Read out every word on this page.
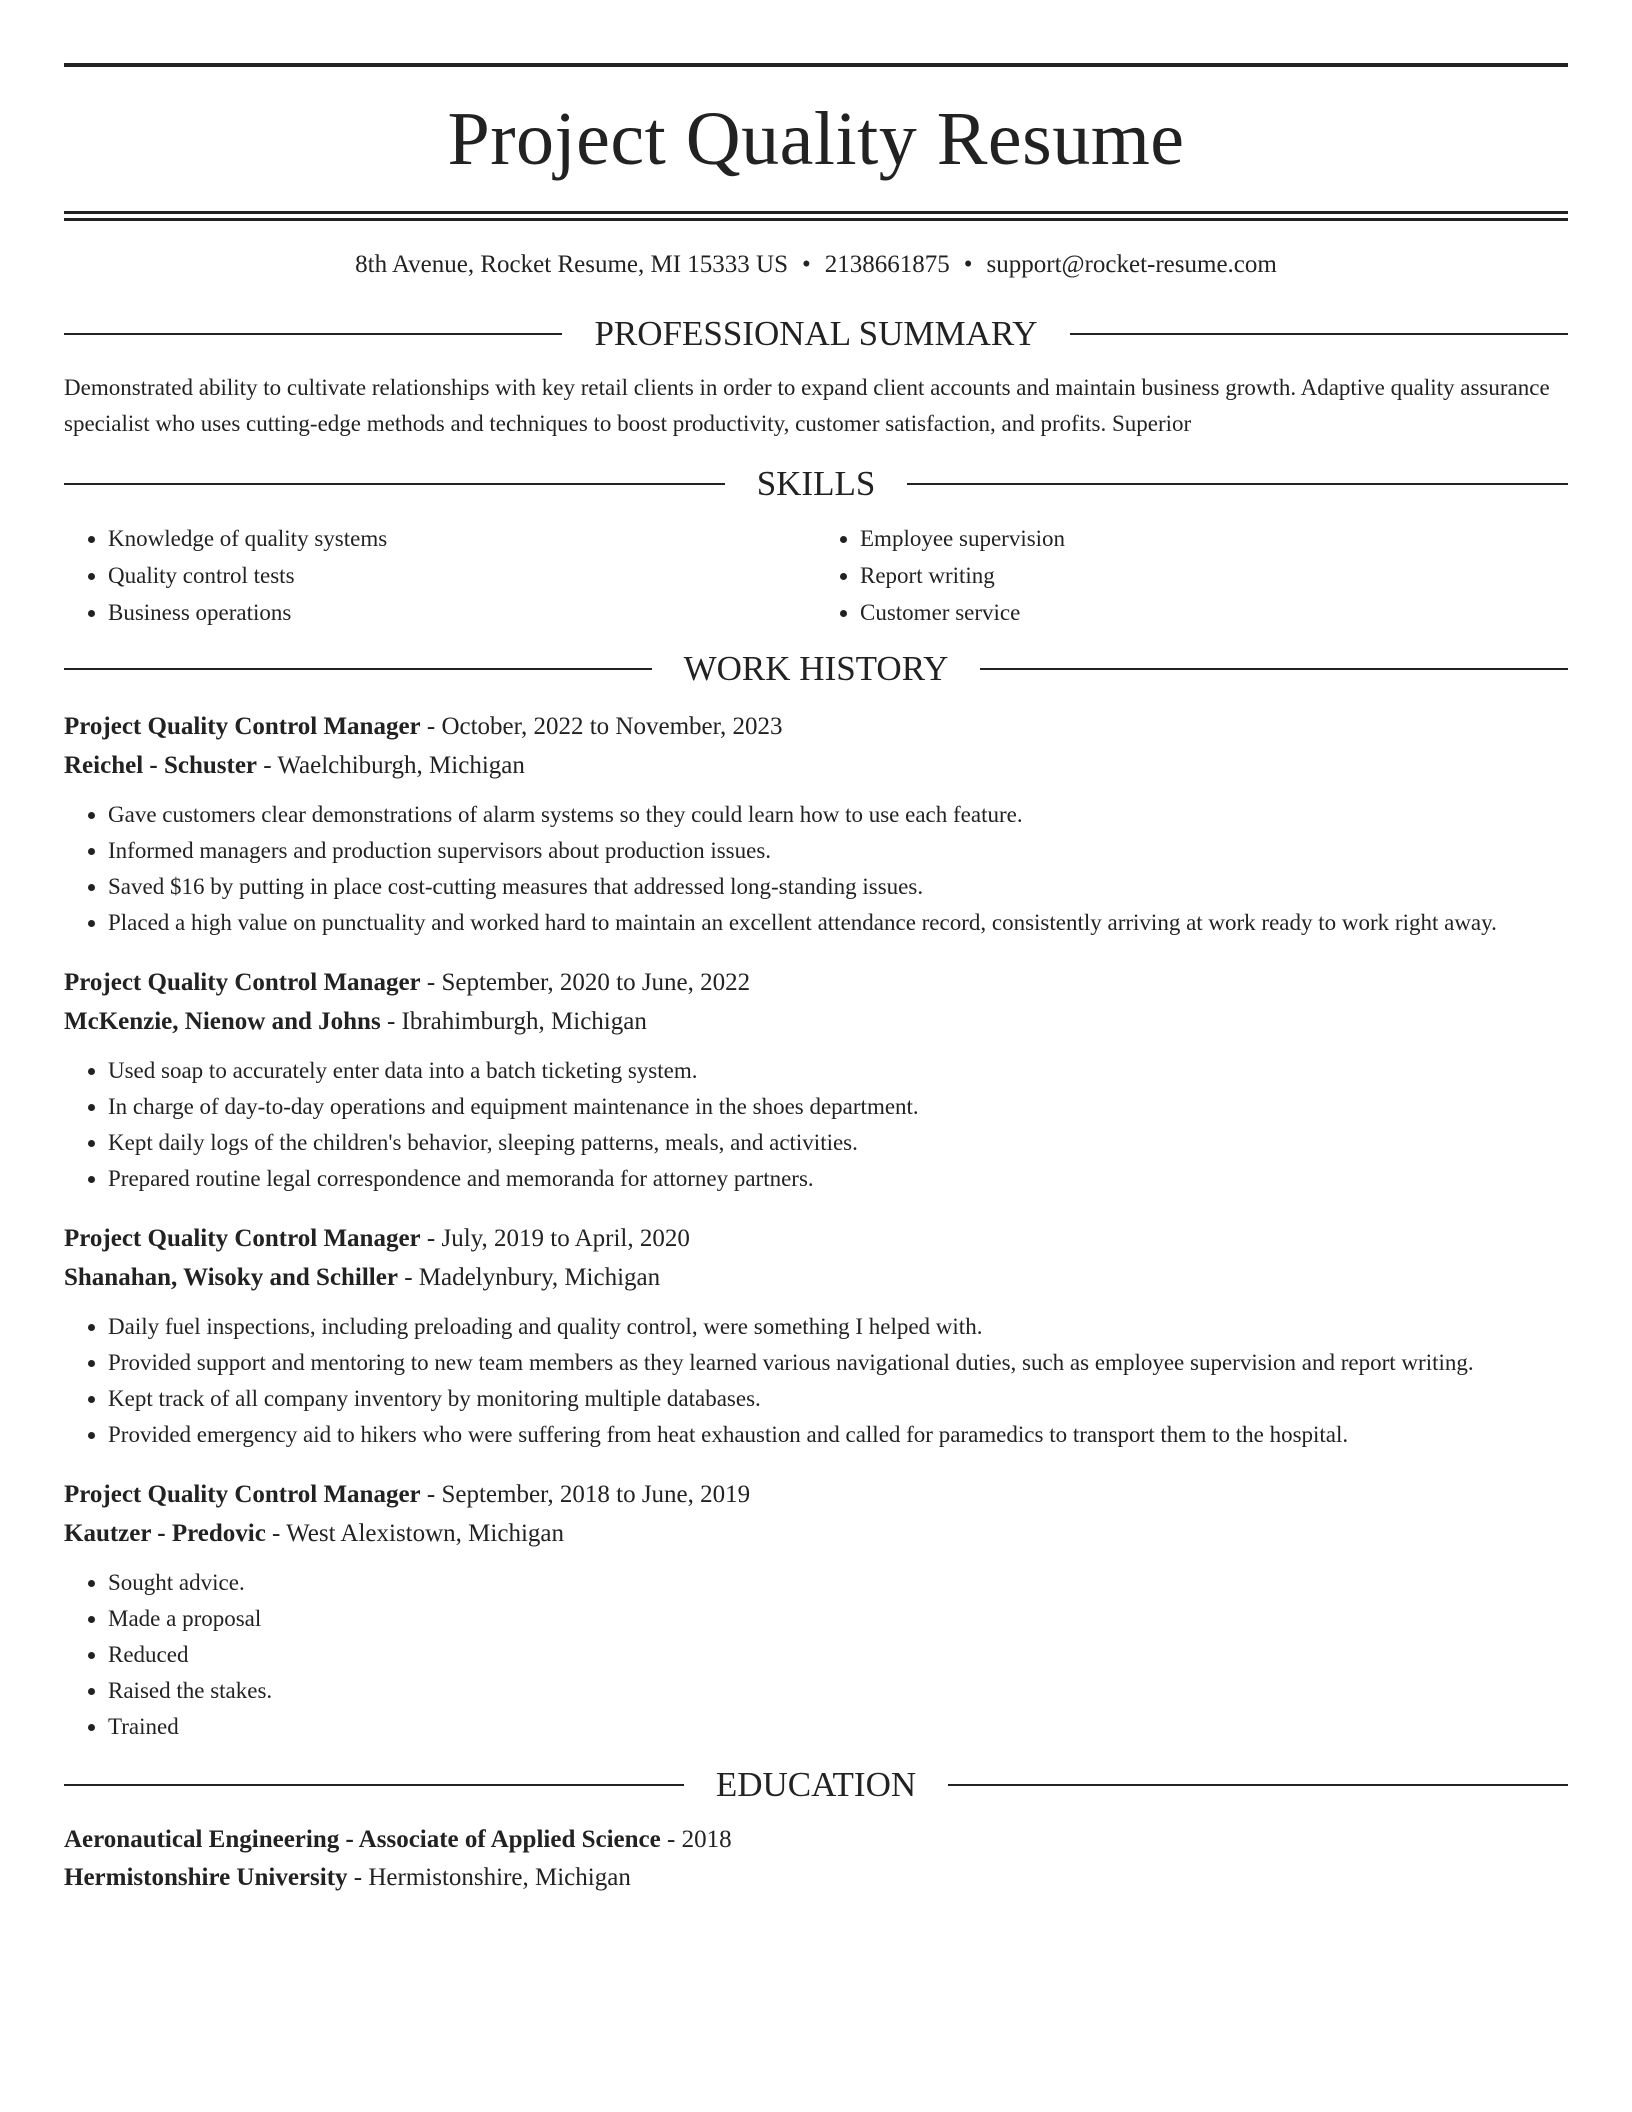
Project Quality Resume
8th Avenue, Rocket Resume, MI 15333 US • 2138661875 • support@rocket-resume.com
PROFESSIONAL SUMMARY
Demonstrated ability to cultivate relationships with key retail clients in order to expand client accounts and maintain business growth. Adaptive quality assurance specialist who uses cutting-edge methods and techniques to boost productivity, customer satisfaction, and profits. Superior
SKILLS
• Knowledge of quality systems
• Quality control tests
• Business operations
• Employee supervision
• Report writing
• Customer service
WORK HISTORY
Project Quality Control Manager - October, 2022 to November, 2023
Reichel - Schuster - Waelchiburgh, Michigan
• Gave customers clear demonstrations of alarm systems so they could learn how to use each feature.
• Informed managers and production supervisors about production issues.
• Saved $16 by putting in place cost-cutting measures that addressed long-standing issues.
• Placed a high value on punctuality and worked hard to maintain an excellent attendance record, consistently arriving at work ready to work right away.
Project Quality Control Manager - September, 2020 to June, 2022
McKenzie, Nienow and Johns - Ibrahimburgh, Michigan
• Used soap to accurately enter data into a batch ticketing system.
• In charge of day-to-day operations and equipment maintenance in the shoes department.
• Kept daily logs of the children's behavior, sleeping patterns, meals, and activities.
• Prepared routine legal correspondence and memoranda for attorney partners.
Project Quality Control Manager - July, 2019 to April, 2020
Shanahan, Wisoky and Schiller - Madelynbury, Michigan
• Daily fuel inspections, including preloading and quality control, were something I helped with.
• Provided support and mentoring to new team members as they learned various navigational duties, such as employee supervision and report writing.
• Kept track of all company inventory by monitoring multiple databases.
• Provided emergency aid to hikers who were suffering from heat exhaustion and called for paramedics to transport them to the hospital.
Project Quality Control Manager - September, 2018 to June, 2019
Kautzer - Predovic - West Alexistown, Michigan
• Sought advice.
• Made a proposal
• Reduced
• Raised the stakes.
• Trained
EDUCATION
Aeronautical Engineering - Associate of Applied Science - 2018
Hermistonshire University - Hermistonshire, Michigan
